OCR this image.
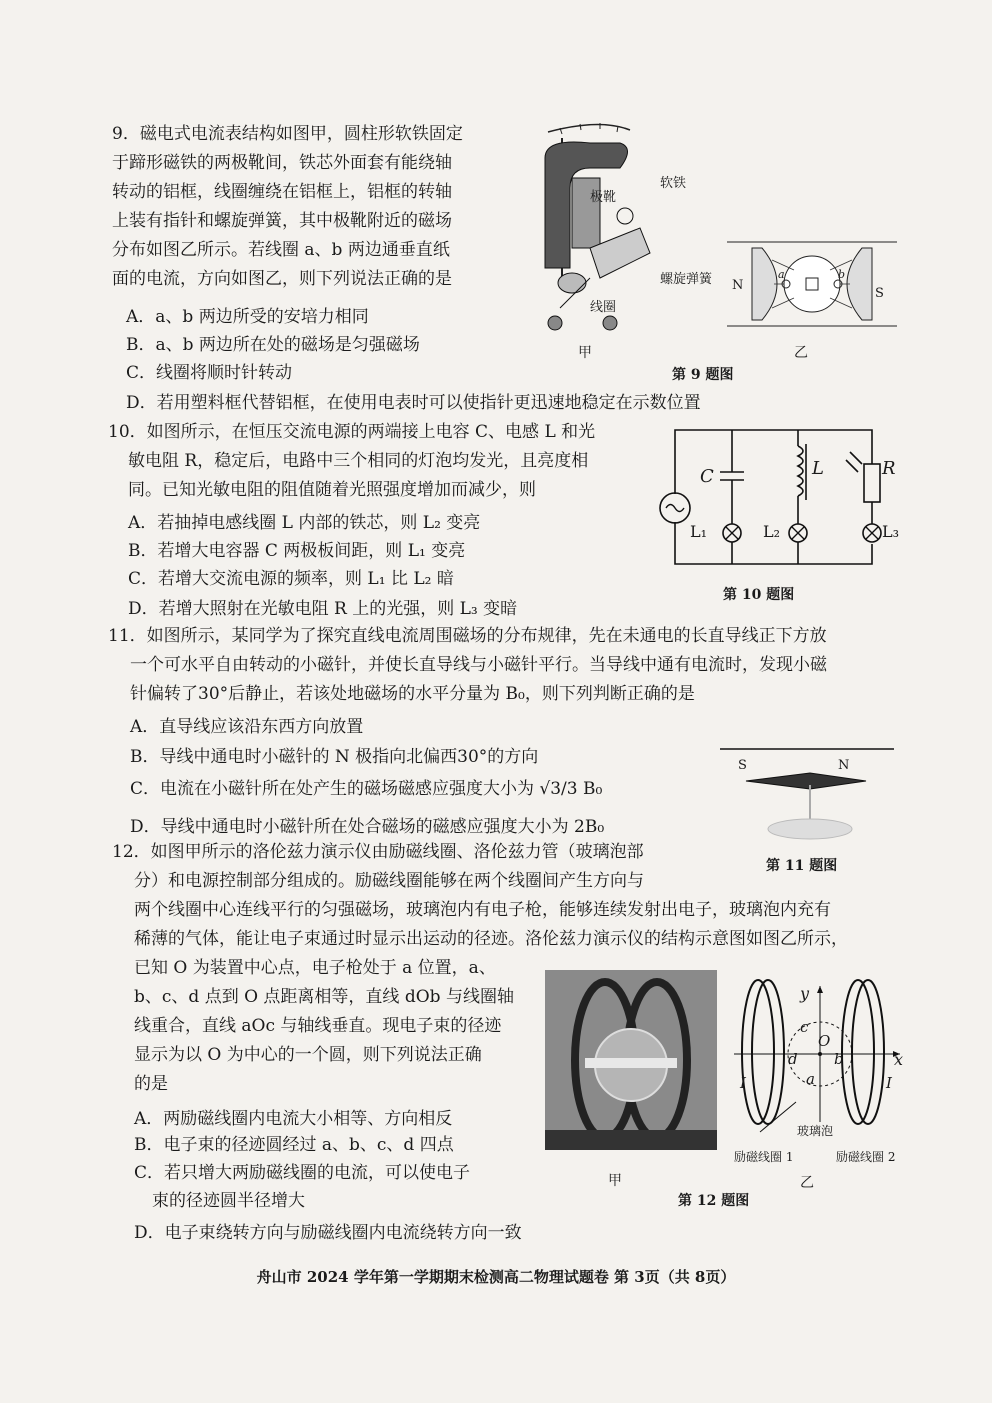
9．磁电式电流表结构如图甲，圆柱形软铁固定
于蹄形磁铁的两极靴间，铁芯外面套有能绕轴
转动的铝框，线圈缠绕在铝框上，铝框的转轴
上装有指针和螺旋弹簧，其中极靴附近的磁场
分布如图乙所示。若线圈 a、b 两边通垂直纸
面的电流，方向如图乙，则下列说法正确的是
A．a、b 两边所受的安培力相同
B．a、b 两边所在处的磁场是匀强磁场
C．线圈将顺时针转动
D．若用塑料框代替铝框，在使用电表时可以使指针更迅速地稳定在示数位置
软铁
极靴
螺旋弹簧
线圈
甲
N
S
a	b
第 9 题图
乙
10．如图所示，在恒压交流电源的两端接上电容 C、电感 L 和光
敏电阻 R，稳定后，电路中三个相同的灯泡均发光，且亮度相
同。已知光敏电阻的阻值随着光照强度增加而减少，则
A．若抽掉电感线圈 L 内部的铁芯，则 L₂ 变亮
B．若增大电容器 C 两极板间距，则 L₁ 变亮
C．若增大交流电源的频率，则 L₁ 比 L₂ 暗
D．若增大照射在光敏电阻 R 上的光强，则 L₃ 变暗
C	L	R
L₁	L₂	L₃
第 10 题图
11．如图所示，某同学为了探究直线电流周围磁场的分布规律，先在未通电的长直导线正下方放
一个可水平自由转动的小磁针，并使长直导线与小磁针平行。当导线中通有电流时，发现小磁
针偏转了30°后静止，若该处地磁场的水平分量为 B₀，则下列判断正确的是
A．直导线应该沿东西方向放置
B．导线中通电时小磁针的 N 极指向北偏西30°的方向
C．电流在小磁针所在处产生的磁场磁感应强度大小为 √3/3 B₀
D．导线中通电时小磁针所在处合磁场的磁感应强度大小为 2B₀
S	N
第 11 题图
12．如图甲所示的洛伦兹力演示仪由励磁线圈、洛伦兹力管（玻璃泡部
分）和电源控制部分组成的。励磁线圈能够在两个线圈间产生方向与
两个线圈中心连线平行的匀强磁场，玻璃泡内有电子枪，能够连续发射出电子，玻璃泡内充有
稀薄的气体，能让电子束通过时显示出运动的径迹。洛伦兹力演示仪的结构示意图如图乙所示，
已知 O 为装置中心点，电子枪处于 a 位置，a、
b、c、d 点到 O 点距离相等，直线 dOb 与线圈轴
线重合，直线 aOc 与轴线垂直。现电子束的径迹
显示为以 O 为中心的一个圆，则下列说法正确
的是
A．两励磁线圈内电流大小相等、方向相反
B．电子束的径迹圆经过 a、b、c、d 四点
C．若只增大两励磁线圈的电流，可以使电子
束的径迹圆半径增大
D．电子束绕转方向与励磁线圈内电流绕转方向一致
甲
y
x
c
O
d b
a
I	I
玻璃泡
励磁线圈 1	励磁线圈 2
第 12 题图
乙
舟山市 2024 学年第一学期期末检测高二物理试题卷 第 3页（共 8页）
